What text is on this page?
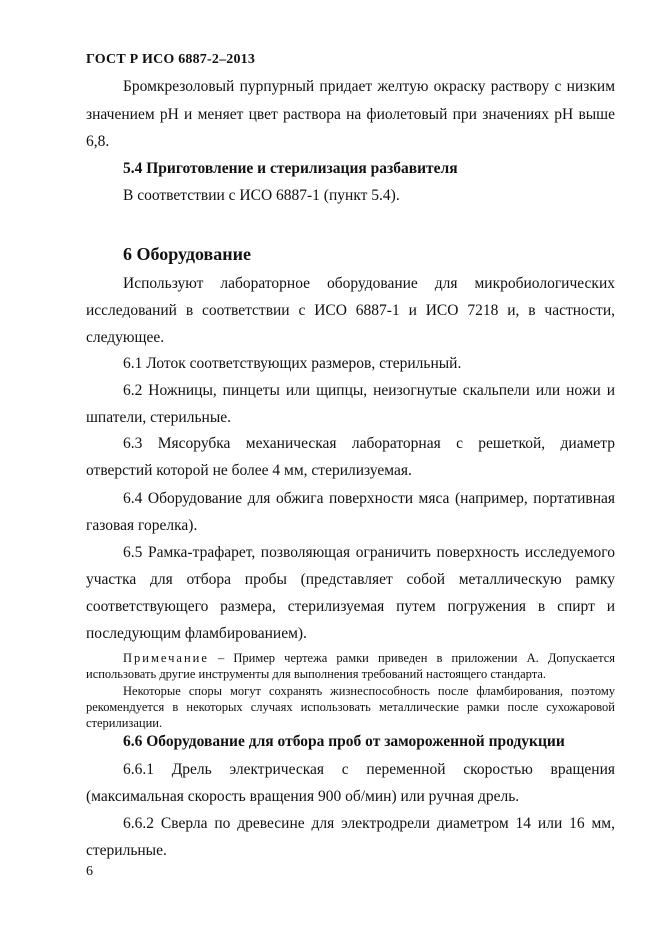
ГОСТ Р ИСО 6887-2–2013

Бромкрезоловый пурпурный придает желтую окраску раствору с низким значением pH и меняет цвет раствора на фиолетовый при значениях pH выше 6,8.

5.4 Приготовление и стерилизация разбавителя

В соответствии с ИСО 6887-1 (пункт 5.4).

6 Оборудование

Используют лабораторное оборудование для микробиологических исследований в соответствии с ИСО 6887-1 и ИСО 7218 и, в частности, следующее.

6.1 Лоток соответствующих размеров, стерильный.

6.2 Ножницы, пинцеты или щипцы, неизогнутые скальпели или ножи и шпатели, стерильные.

6.3 Мясорубка механическая лабораторная с решеткой, диаметр отверстий которой не более 4 мм, стерилизуемая.

6.4 Оборудование для обжига поверхности мяса (например, портативная газовая горелка).

6.5 Рамка-трафарет, позволяющая ограничить поверхность исследуемого участка для отбора пробы (представляет собой металлическую рамку соответствующего размера, стерилизуемая путем погружения в спирт и последующим фламбированием).

Примечание – Пример чертежа рамки приведен в приложении А. Допускается использовать другие инструменты для выполнения требований настоящего стандарта.

Некоторые споры могут сохранять жизнеспособность после фламбирования, поэтому рекомендуется в некоторых случаях использовать металлические рамки после сухожаровой стерилизации.

6.6 Оборудование для отбора проб от замороженной продукции

6.6.1 Дрель электрическая с переменной скоростью вращения

(максимальная скорость вращения 900 об/мин) или ручная дрель.

6.6.2 Сверла по древесине для электродрели диаметром 14 или 16 мм, стерильные.

6
